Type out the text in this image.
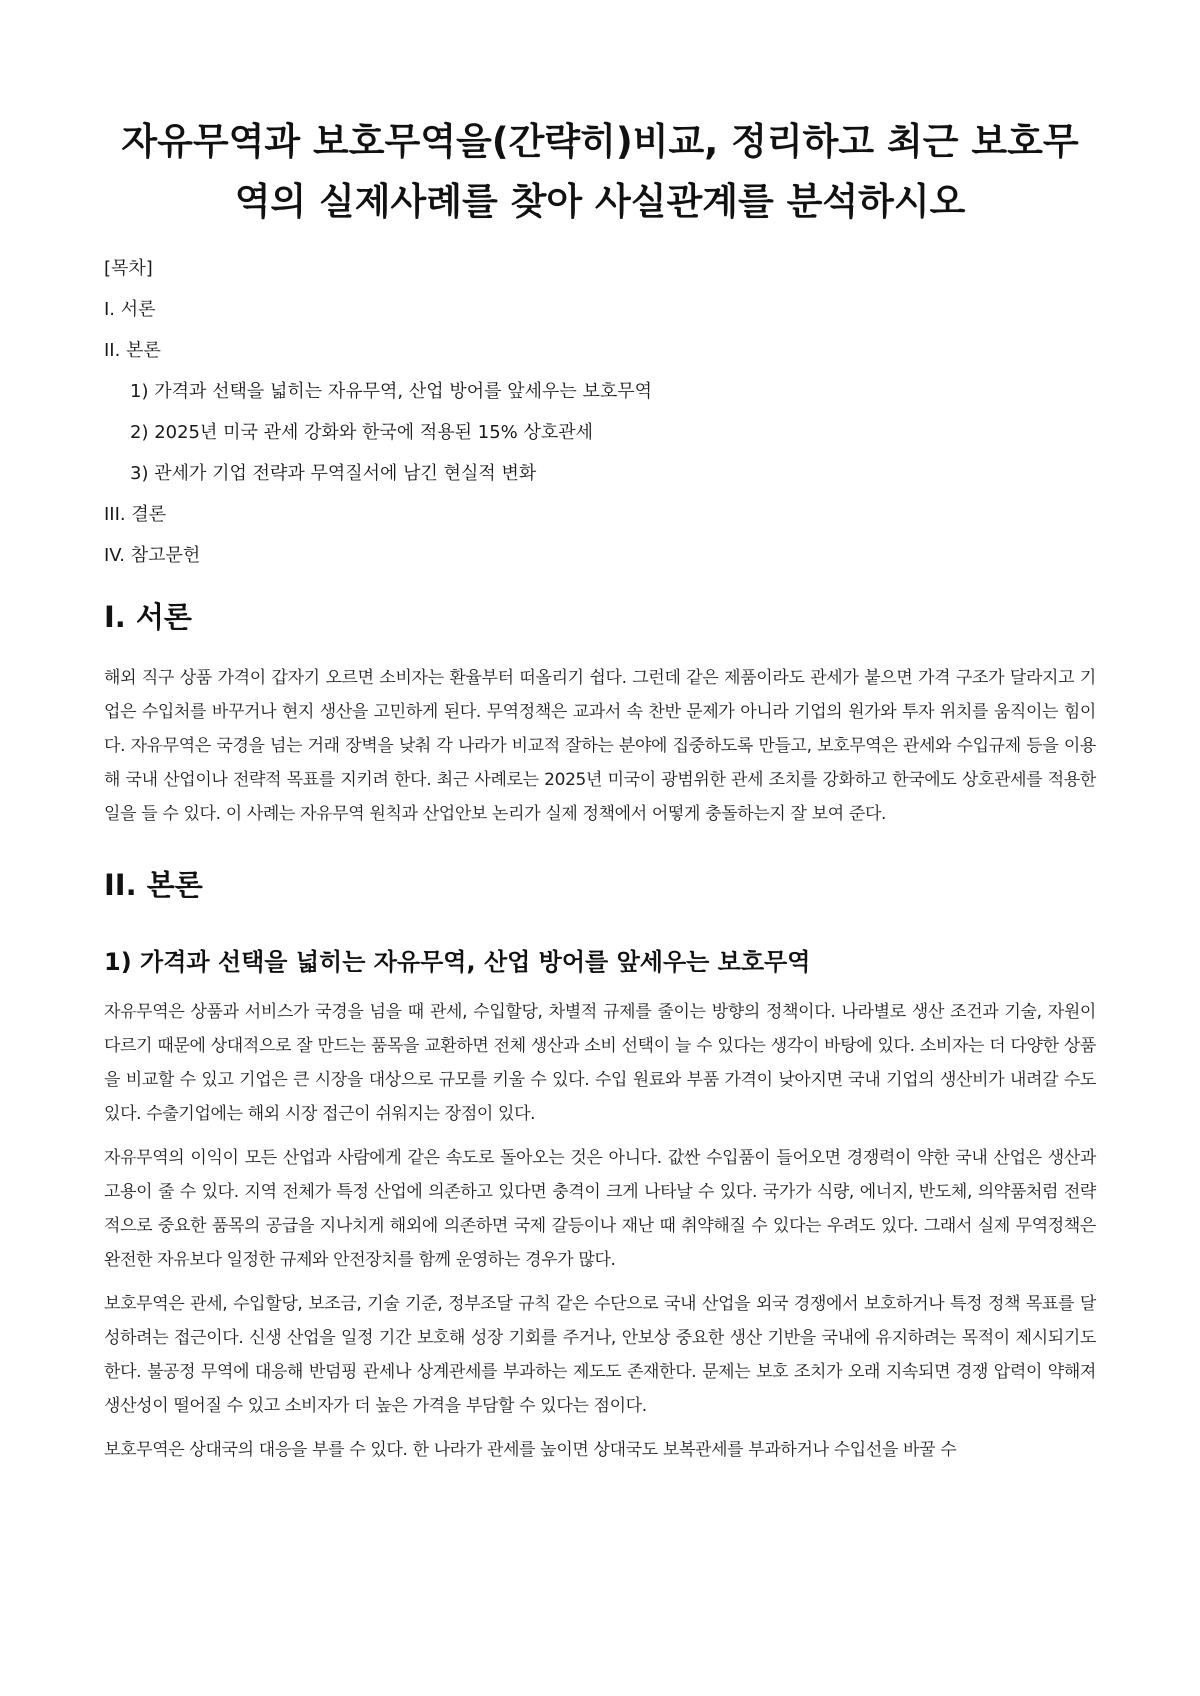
자유무역과 보호무역을(간략히)비교, 정리하고 최근 보호무역의 실제사례를 찾아 사실관계를 분석하시오
[목차]
I. 서론
II. 본론
1) 가격과 선택을 넓히는 자유무역, 산업 방어를 앞세우는 보호무역
2) 2025년 미국 관세 강화와 한국에 적용된 15% 상호관세
3) 관세가 기업 전략과 무역질서에 남긴 현실적 변화
III. 결론
IV. 참고문헌
I. 서론

해외 직구 상품 가격이 갑자기 오르면 소비자는 환율부터 떠올리기 쉽다. 그런데 같은 제품이라도 관세가 붙으면 가격 구조가 달라지고 기업은 수입처를 바꾸거나 현지 생산을 고민하게 된다. 무역정책은 교과서 속 찬반 문제가 아니라 기업의 원가와 투자 위치를 움직이는 힘이다. 자유무역은 국경을 넘는 거래 장벽을 낮춰 각 나라가 비교적 잘하는 분야에 집중하도록 만들고, 보호무역은 관세와 수입규제 등을 이용해 국내 산업이나 전략적 목표를 지키려 한다. 최근 사례로는 2025년 미국이 광범위한 관세 조치를 강화하고 한국에도 상호관세를 적용한 일을 들 수 있다. 이 사례는 자유무역 원칙과 산업안보 논리가 실제 정책에서 어떻게 충돌하는지 잘 보여 준다.

II. 본론
1) 가격과 선택을 넓히는 자유무역, 산업 방어를 앞세우는 보호무역

자유무역은 상품과 서비스가 국경을 넘을 때 관세, 수입할당, 차별적 규제를 줄이는 방향의 정책이다. 나라별로 생산 조건과 기술, 자원이 다르기 때문에 상대적으로 잘 만드는 품목을 교환하면 전체 생산과 소비 선택이 늘 수 있다는 생각이 바탕에 있다. 소비자는 더 다양한 상품을 비교할 수 있고 기업은 큰 시장을 대상으로 규모를 키울 수 있다. 수입 원료와 부품 가격이 낮아지면 국내 기업의 생산비가 내려갈 수도 있다. 수출기업에는 해외 시장 접근이 쉬워지는 장점이 있다.

자유무역의 이익이 모든 산업과 사람에게 같은 속도로 돌아오는 것은 아니다. 값싼 수입품이 들어오면 경쟁력이 약한 국내 산업은 생산과 고용이 줄 수 있다. 지역 전체가 특정 산업에 의존하고 있다면 충격이 크게 나타날 수 있다. 국가가 식량, 에너지, 반도체, 의약품처럼 전략적으로 중요한 품목의 공급을 지나치게 해외에 의존하면 국제 갈등이나 재난 때 취약해질 수 있다는 우려도 있다. 그래서 실제 무역정책은 완전한 자유보다 일정한 규제와 안전장치를 함께 운영하는 경우가 많다.

보호무역은 관세, 수입할당, 보조금, 기술 기준, 정부조달 규칙 같은 수단으로 국내 산업을 외국 경쟁에서 보호하거나 특정 정책 목표를 달성하려는 접근이다. 신생 산업을 일정 기간 보호해 성장 기회를 주거나, 안보상 중요한 생산 기반을 국내에 유지하려는 목적이 제시되기도 한다. 불공정 무역에 대응해 반덤핑 관세나 상계관세를 부과하는 제도도 존재한다. 문제는 보호 조치가 오래 지속되면 경쟁 압력이 약해져 생산성이 떨어질 수 있고 소비자가 더 높은 가격을 부담할 수 있다는 점이다.

보호무역은 상대국의 대응을 부를 수 있다. 한 나라가 관세를 높이면 상대국도 보복관세를 부과하거나 수입선을 바꿀 수
